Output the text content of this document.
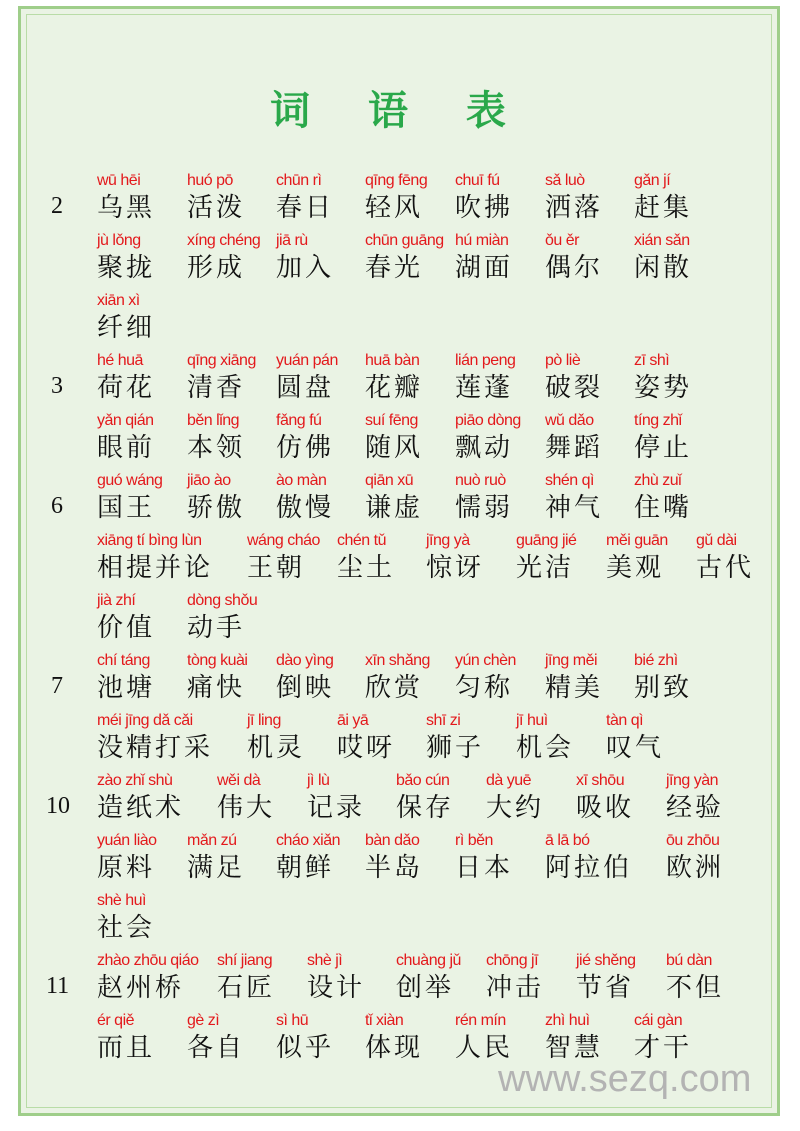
词 语 表
2
wū hēi
乌黑
huó pō
活泼
chūn rì
春日
qīng fēng
轻风
chuī fú
吹拂
sǎ luò
洒落
gǎn jí
赶集
jù lǒng
聚拢
xíng chéng
形成
jiā rù
加入
chūn guāng
春光
hú miàn
湖面
ǒu ěr
偶尔
xián sǎn
闲散
xiān xì
纤细
3
hé huā
荷花
qīng xiāng
清香
yuán pán
圆盘
huā bàn
花瓣
lián peng
莲蓬
pò liè
破裂
zī shì
姿势
yǎn qián
眼前
běn lǐng
本领
fǎng fú
仿佛
suí fēng
随风
piāo dòng
飘动
wǔ dǎo
舞蹈
tíng zhǐ
停止
6
guó wáng
国王
jiāo ào
骄傲
ào màn
傲慢
qiān xū
谦虚
nuò ruò
懦弱
shén qì
神气
zhù zuǐ
住嘴
xiāng tí bìng lùn
相提并论
wáng cháo
王朝
chén tǔ
尘土
jīng yà
惊讶
guāng jié
光洁
měi guān
美观
gǔ dài
古代
jià zhí
价值
dòng shǒu
动手
7
chí táng
池塘
tòng kuài
痛快
dào yìng
倒映
xīn shǎng
欣赏
yún chèn
匀称
jīng měi
精美
bié zhì
别致
méi jīng dǎ cǎi
没精打采
jī ling
机灵
āi yā
哎呀
shī zi
狮子
jī huì
机会
tàn qì
叹气
10
zào zhǐ shù
造纸术
wěi dà
伟大
jì lù
记录
bǎo cún
保存
dà yuē
大约
xī shōu
吸收
jīng yàn
经验
yuán liào
原料
mǎn zú
满足
cháo xiǎn
朝鲜
bàn dǎo
半岛
rì běn
日本
ā lā bó
阿拉伯
ōu zhōu
欧洲
shè huì
社会
11
zhào zhōu qiáo
赵州桥
shí jiang
石匠
shè jì
设计
chuàng jǔ
创举
chōng jī
冲击
jié shěng
节省
bú dàn
不但
ér qiě
而且
gè zì
各自
sì hū
似乎
tǐ xiàn
体现
rén mín
人民
zhì huì
智慧
cái gàn
才干
www.sezq.com
